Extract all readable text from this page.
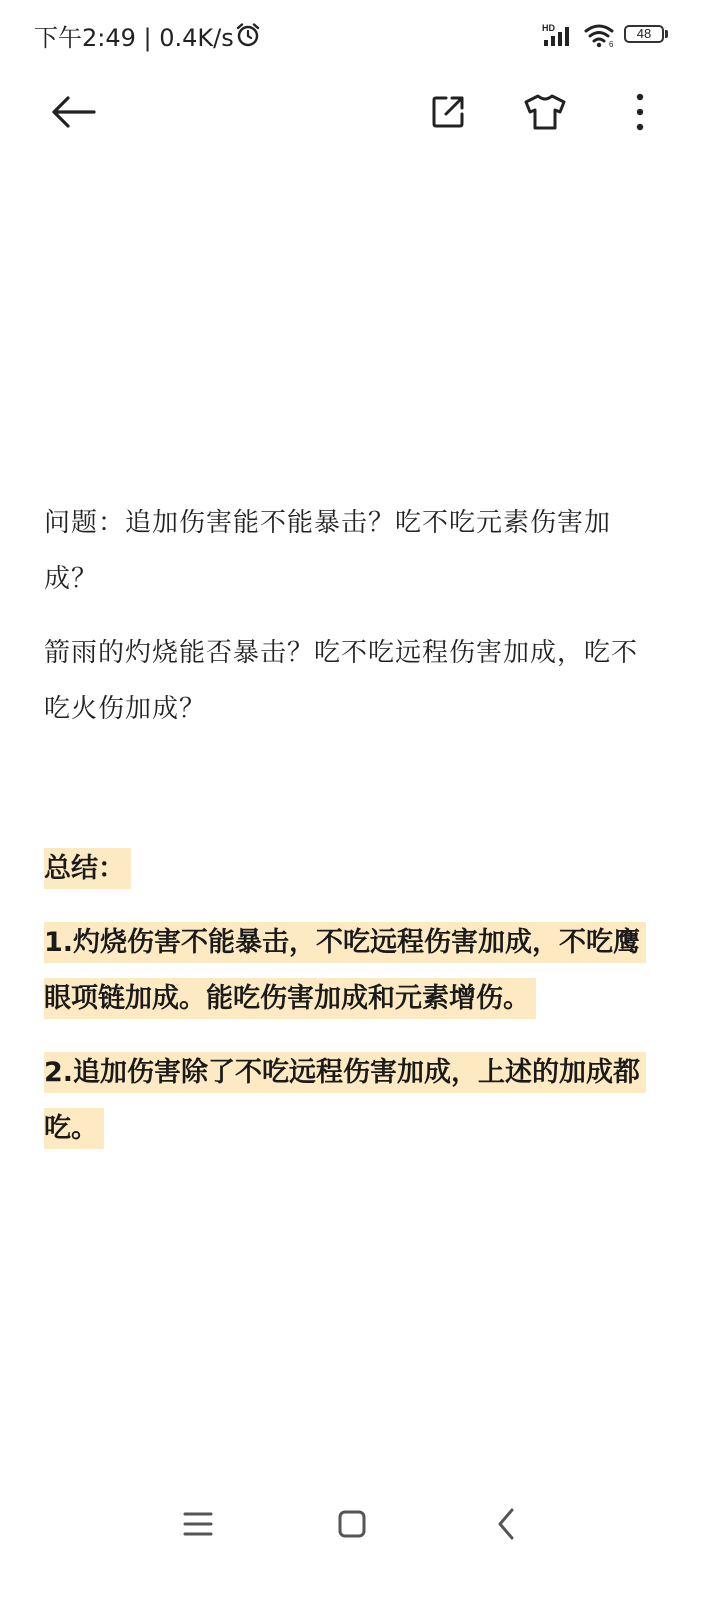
下午2:49 | 0.4K/s	HD
6
48

问题：追加伤害能不能暴击？吃不吃元素伤害加成？

箭雨的灼烧能否暴击？吃不吃远程伤害加成，吃不吃火伤加成？

总结：

1.灼烧伤害不能暴击，不吃远程伤害加成，不吃鹰眼项链加成。能吃伤害加成和元素增伤。

2.追加伤害除了不吃远程伤害加成，上述的加成都吃。
